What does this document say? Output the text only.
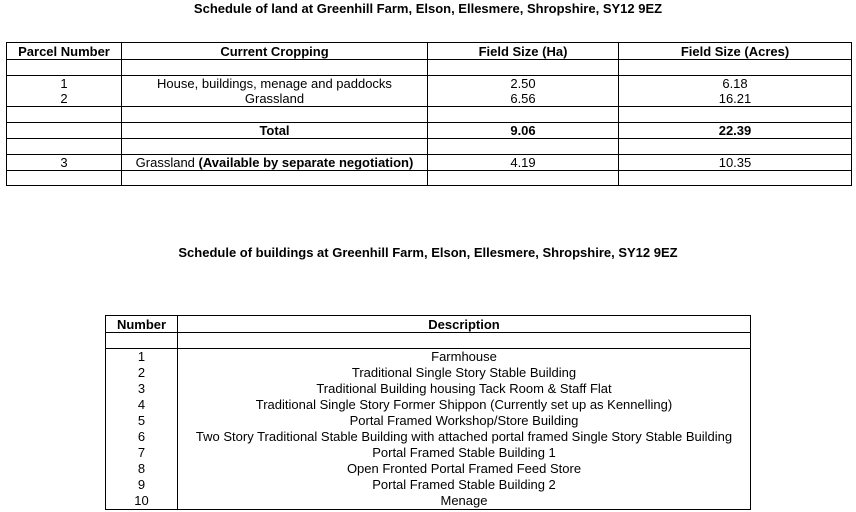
Schedule of land at Greenhill Farm, Elson, Ellesmere, Shropshire, SY12 9EZ
Parcel Number	Current Cropping	Field Size (Ha)	Field Size (Acres)

1	House, buildings, menage and paddocks	2.50	6.18
2	Grassland	6.56	16.21

	Total	9.06	22.39

3	Grassland (Available by separate negotiation)	4.19	10.35

Schedule of buildings at Greenhill Farm, Elson, Ellesmere, Shropshire, SY12 9EZ
Number	Description

1	Farmhouse
2	Traditional Single Story Stable Building
3	Traditional Building housing Tack Room & Staff Flat
4	Traditional Single Story Former Shippon (Currently set up as Kennelling)
5	Portal Framed Workshop/Store Building
6	Two Story Traditional Stable Building with attached portal framed Single Story Stable Building
7	Portal Framed Stable Building 1
8	Open Fronted Portal Framed Feed Store
9	Portal Framed Stable Building 2
10	Menage
